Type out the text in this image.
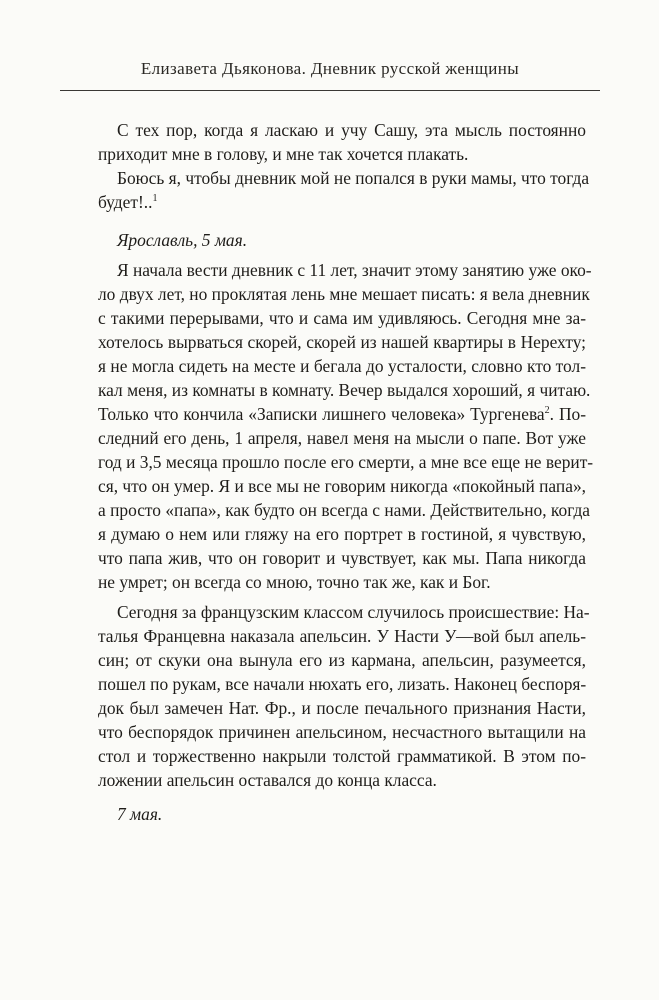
Елизавета Дьяконова. Дневник русской женщины
С тех пор, когда я ласкаю и учу Сашу, эта мысль постоянно
приходит мне в голову, и мне так хочется плакать.
Боюсь я, чтобы дневник мой не попался в руки мамы, что тогда
будет!..$^1$
Ярославль, 5 мая.
Я начала вести дневник с 11 лет, значит этому занятию уже око-
ло двух лет, но проклятая лень мне мешает писать: я вела дневник
с такими перерывами, что и сама им удивляюсь. Сегодня мне за-
хотелось вырваться скорей, скорей из нашей квартиры в Нерехту;
я не могла сидеть на месте и бегала до усталости, словно кто тол-
кал меня, из комнаты в комнату. Вечер выдался хороший, я читаю.
Только что кончила «Записки лишнего человека» Тургенева$^2$. По-
следний его день, 1 апреля, навел меня на мысли о папе. Вот уже
год и 3,5 месяца прошло после его смерти, а мне все еще не верит-
ся, что он умер. Я и все мы не говорим никогда «покойный папа»,
а просто «папа», как будто он всегда с нами. Действительно, когда
я думаю о нем или гляжу на его портрет в гостиной, я чувствую,
что папа жив, что он говорит и чувствует, как мы. Папа никогда
не умрет; он всегда со мною, точно так же, как и Бог.
Сегодня за французским классом случилось происшествие: На-
талья Францевна наказала апельсин. У Насти У—вой был апель-
син; от скуки она вынула его из кармана, апельсин, разумеется,
пошел по рукам, все начали нюхать его, лизать. Наконец беспоря-
док был замечен Нат. Фр., и после печального признания Насти,
что беспорядок причинен апельсином, несчастного вытащили на
стол и торжественно накрыли толстой грамматикой. В этом по-
ложении апельсин оставался до конца класса.
7 мая.
